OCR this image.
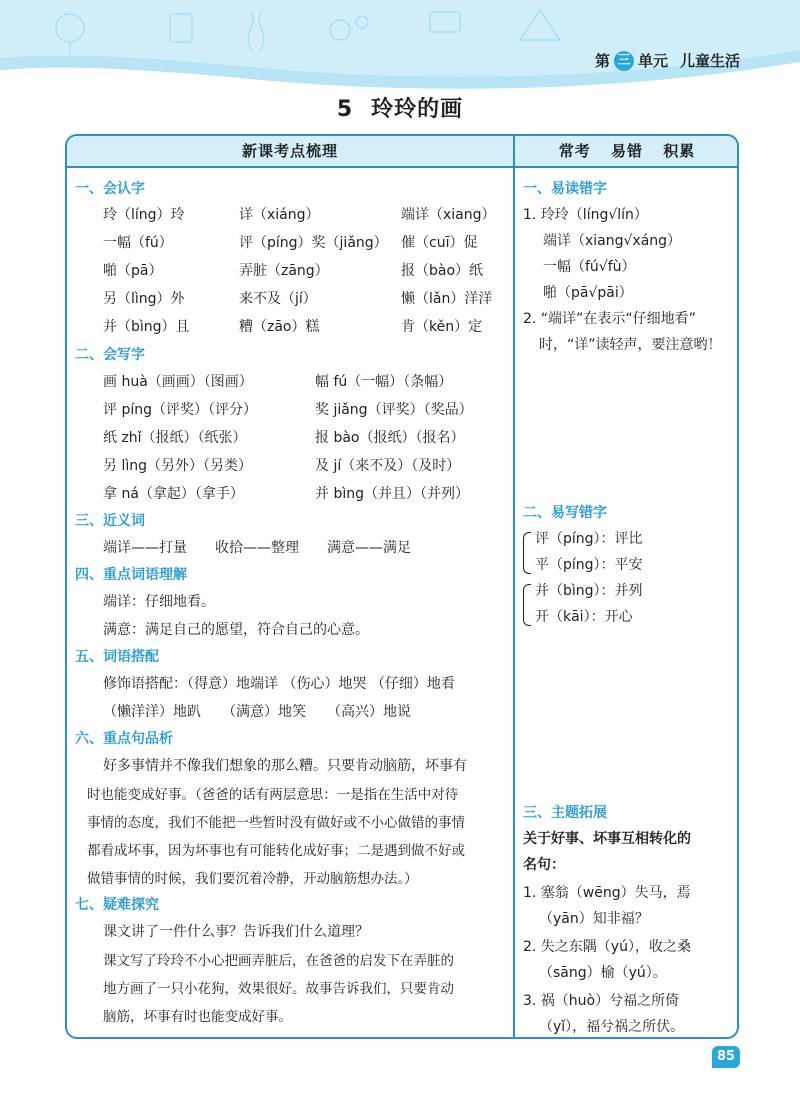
第 三 单元 儿童生活
5 玲玲的画
新课考点梳理
一、会认字
玲（líng）玲	详（xiáng）	端详（xiang）
一幅（fú）	评（píng）奖（jiǎng） 催（cuī）促
啪（pā）	弄脏（zāng）	报（bào）纸
另（lìng）外	来不及（jí）	懒（lǎn）洋洋
并（bìng）且	糟（zāo）糕	肯（kěn）定
二、会写字
画 huà（画画）（图画）	幅 fú（一幅）（条幅）
评 píng（评奖）（评分）	奖 jiǎng（评奖）（奖品）
纸 zhǐ（报纸）（纸张）	报 bào（报纸）（报名）
另 lìng（另外）（另类）	及 jí（来不及）（及时）
拿 ná（拿起）（拿手）	并 bìng（并且）（并列）
三、近义词
端详——打量　　收拾——整理　　满意——满足
四、重点词语理解
端详：仔细地看。
满意：满足自己的愿望，符合自己的心意。
五、词语搭配
修饰语搭配：（得意）地端详 （伤心）地哭 （仔细）地看
（懒洋洋）地趴　　（满意）地笑　　（高兴）地说
六、重点句品析
好多事情并不像我们想象的那么糟。只要肯动脑筋，坏事有
时也能变成好事。（爸爸的话有两层意思：一是指在生活中对待
事情的态度，我们不能把一些暂时没有做好或不小心做错的事情
都看成坏事，因为坏事也有可能转化成好事；二是遇到做不好或
做错事情的时候，我们要沉着冷静，开动脑筋想办法。）
七、疑难探究
课文讲了一件什么事？告诉我们什么道理？
课文写了玲玲不小心把画弄脏后，在爸爸的启发下在弄脏的
地方画了一只小花狗，效果很好。故事告诉我们，只要肯动
脑筋，坏事有时也能变成好事。
常考 易错 积累
一、易读错字
1. 玲玲（líng√lín）
端详（xiang√xáng）
一幅（fú√fù）
啪（pā√pāi）
2. “端详”在表示“仔细地看”
时，“详”读轻声，要注意哟！
二、易写错字
评（píng）：评比
平（píng）：平安
并（bìng）：并列
开（kāi）：开心
三、主题拓展
关于好事、坏事互相转化的
名句：
1. 塞翁（wēng）失马，焉
（yān）知非福？
2. 失之东隅（yú），收之桑
（sāng）榆（yú）。
3. 祸（huò）兮福之所倚
（yǐ），福兮祸之所伏。
85
